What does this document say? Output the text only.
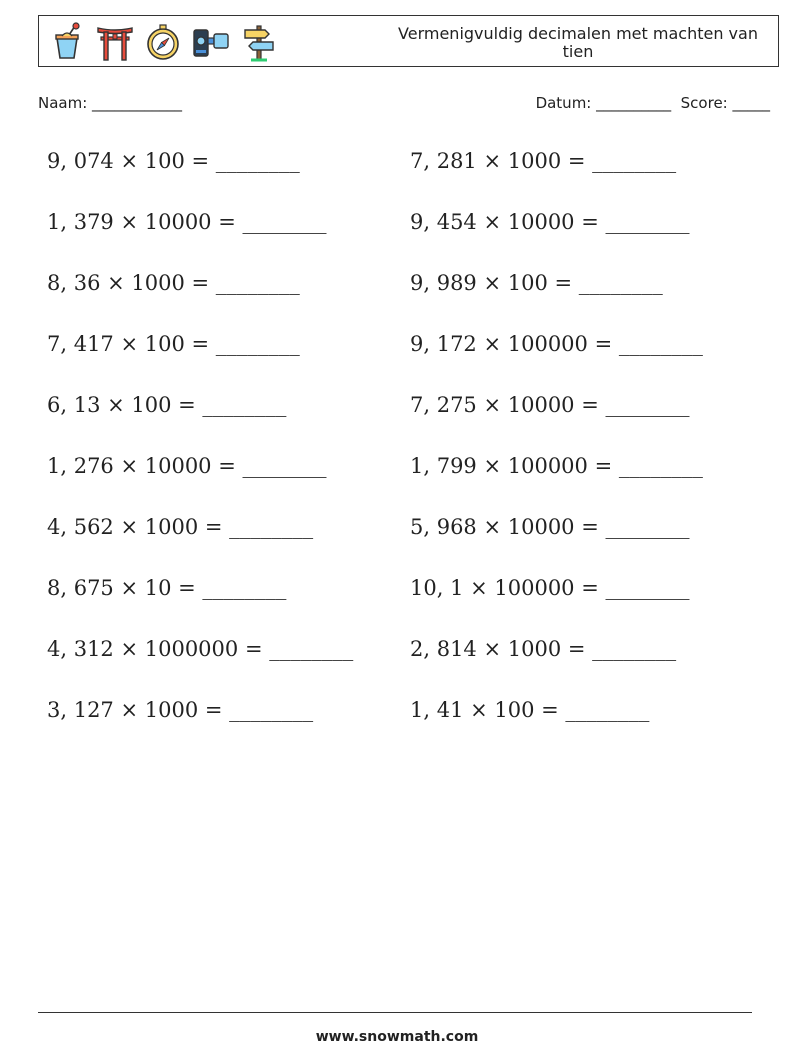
Vermenigvuldig decimalen met machten van tien
Naam: ____________	Datum: __________  Score: _____
9, 074 × 100 = ________
1, 379 × 10000 = ________
8, 36 × 1000 = ________
7, 417 × 100 = ________
6, 13 × 100 = ________
1, 276 × 10000 = ________
4, 562 × 1000 = ________
8, 675 × 10 = ________
4, 312 × 1000000 = ________
3, 127 × 1000 = ________
7, 281 × 1000 = ________
9, 454 × 10000 = ________
9, 989 × 100 = ________
9, 172 × 100000 = ________
7, 275 × 10000 = ________
1, 799 × 100000 = ________
5, 968 × 10000 = ________
10, 1 × 100000 = ________
2, 814 × 1000 = ________
1, 41 × 100 = ________
www.snowmath.com
